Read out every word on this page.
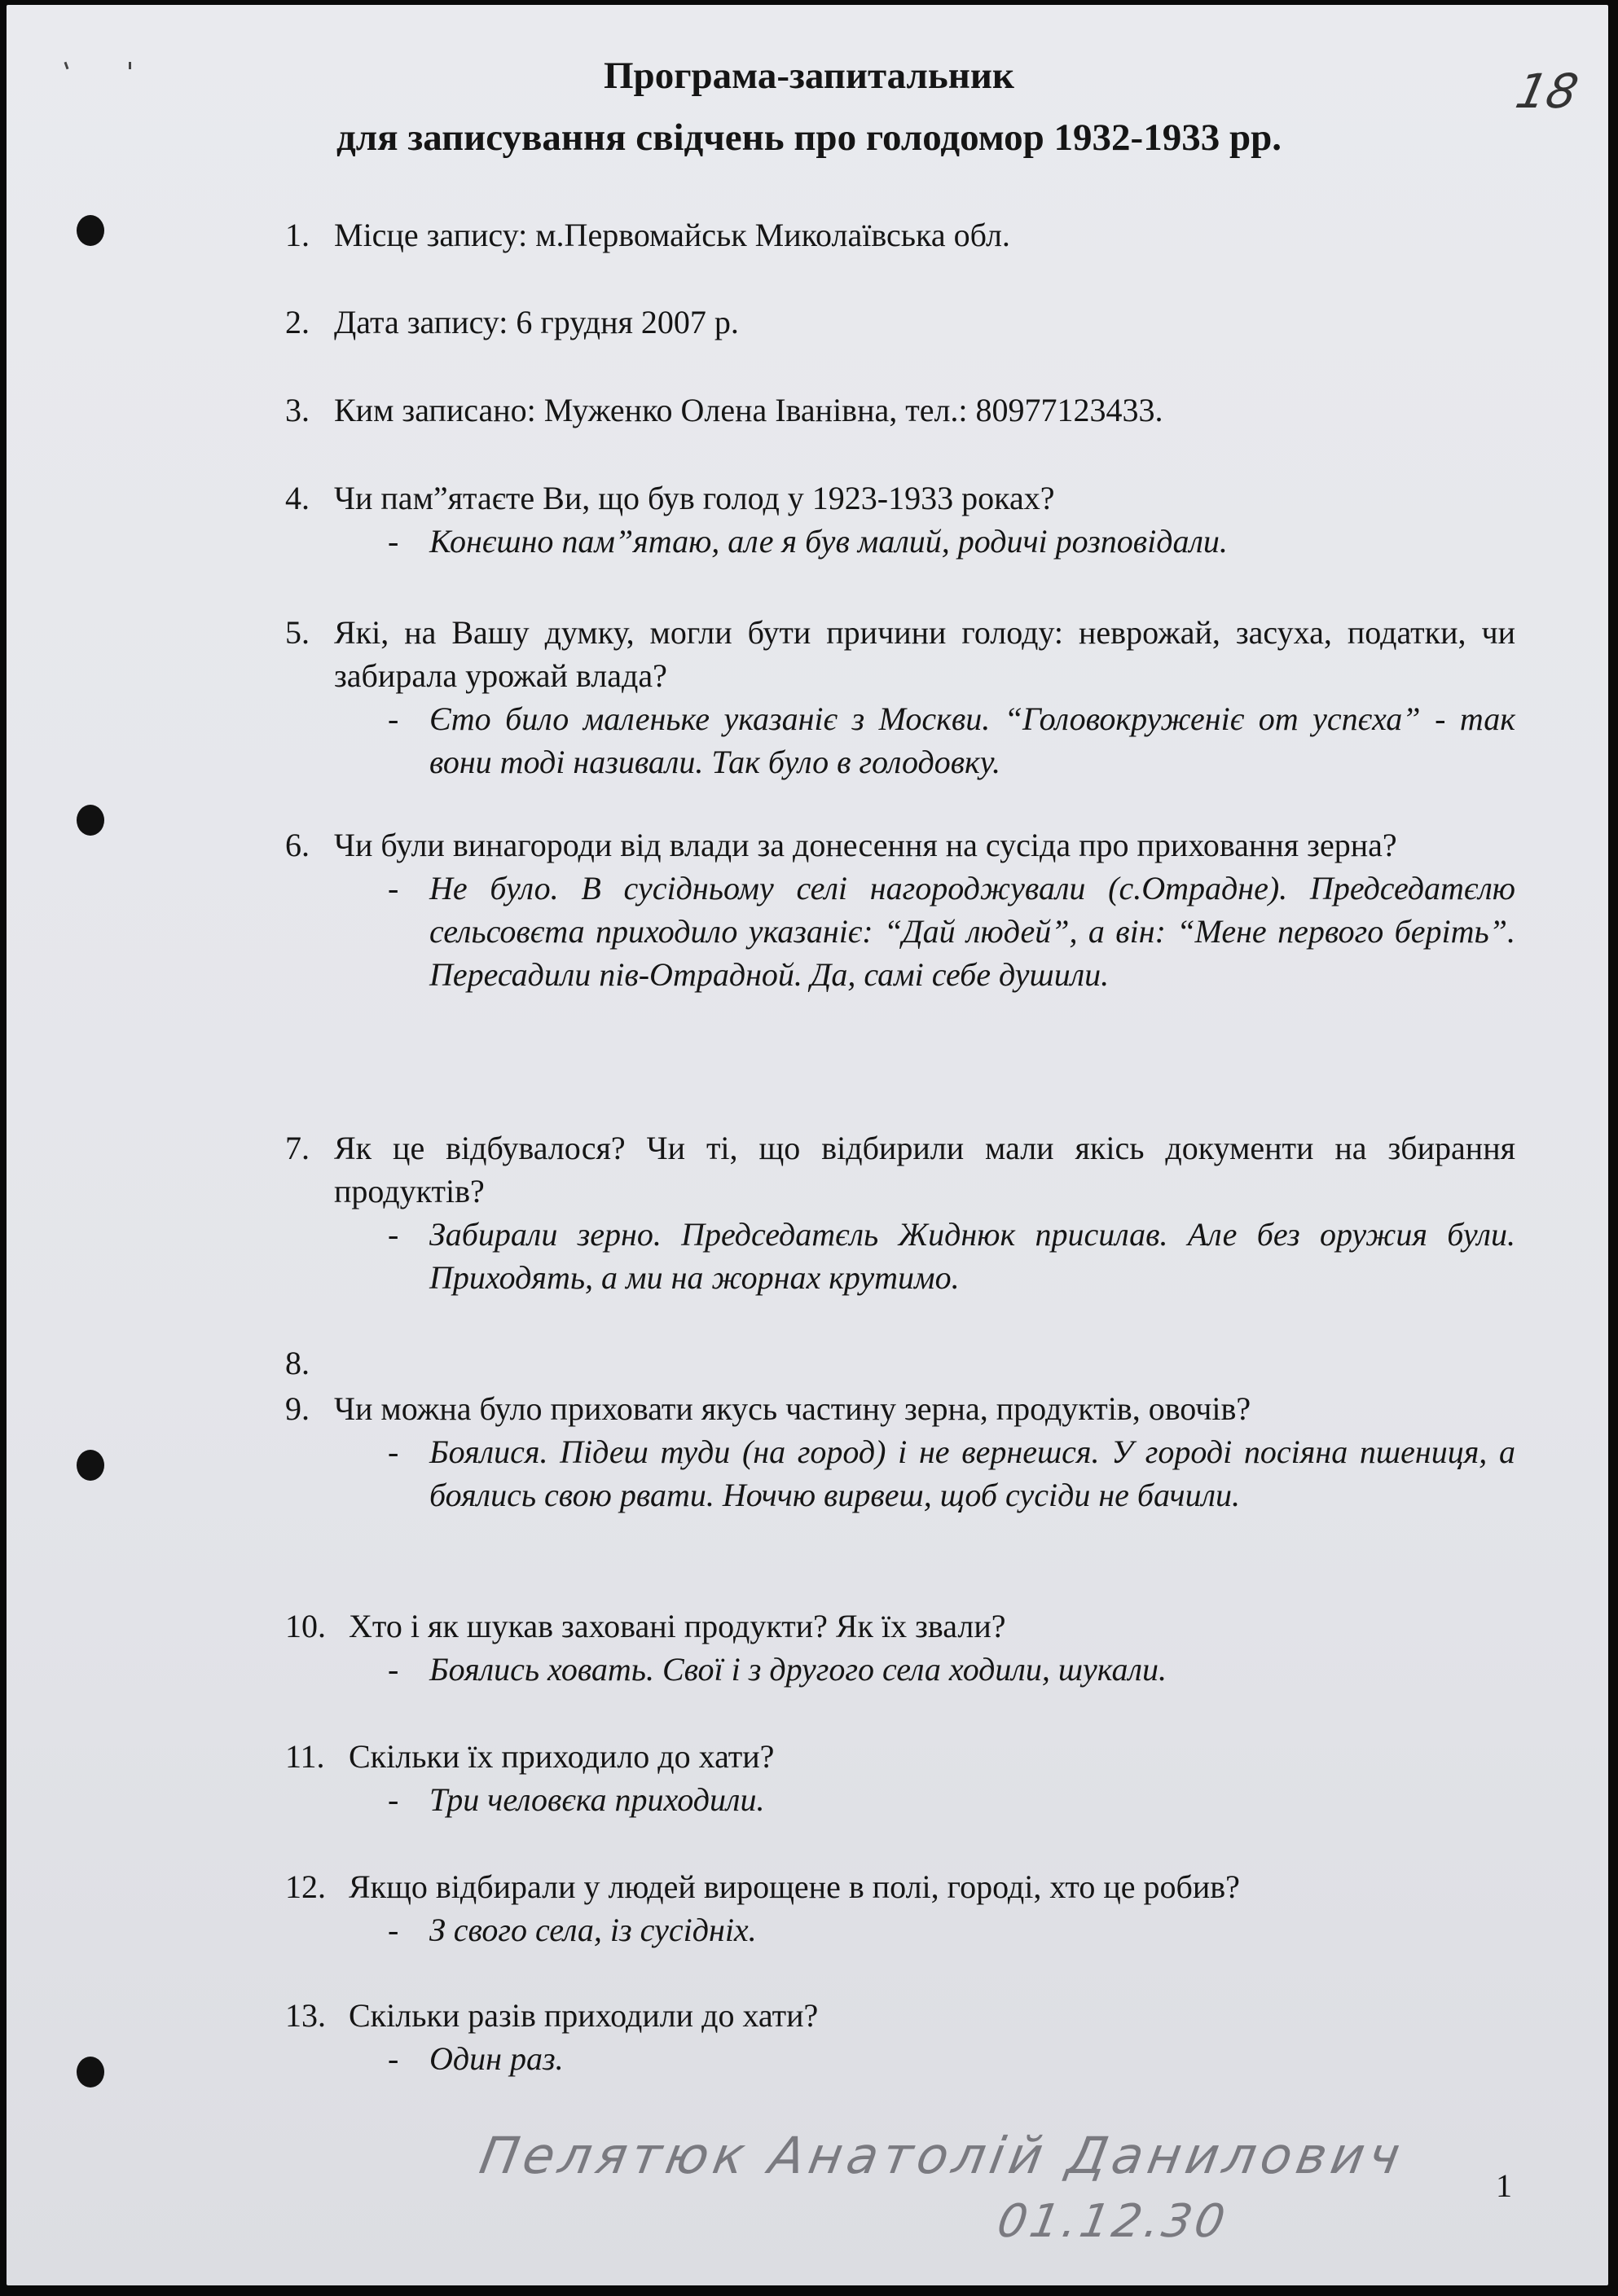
Програма-запитальник
для записування свідчень про голодомор 1932-1933 рр.
18
1. Місце запису: м.Первомайськ Миколаївська обл.
2. Дата запису: 6 грудня 2007 р.
3. Ким записано: Муженко Олена Іванівна, тел.: 80977123433.
4. Чи пам”ятаєте Ви, що був голод у 1923-1933 роках?
- Конєшно пам”ятаю, але я був малий, родичі розповідали.
5. Які, на Вашу думку, могли бути причини голоду: неврожай, засуха, податки, чи забирала урожай влада?
- Єто било маленьке указаніє з Москви. “Головокруженіє от успєха” - так вони тоді називали. Так було в голодовку.
6. Чи були винагороди від влади за донесення на сусіда про приховання зерна?
- Не було. В сусідньому селі нагороджували (с.Отрадне). Председатєлю сельсовєта приходило указаніє: “Дай людей”, а він: “Мене первого беріть”. Пересадили пів-Отрадной. Да, самі себе душили.
7. Як це відбувалося? Чи ті, що відбирили мали якісь документи на збирання продуктів?
- Забирали зерно. Председатєль Жиднюк присилав. Але без оружия були. Приходять, а ми на жорнах крутимо.
8.
9. Чи можна було приховати якусь частину зерна, продуктів, овочів?
- Боялися. Підеш туди (на город) і не вернешся. У городі посіяна пшениця, а боялись свою рвати. Ноччю вирвеш, щоб сусіди не бачили.
10. Хто і як шукав заховані продукти? Як їх звали?
- Боялись ховать. Свої і з другого села ходили, шукали.
11. Скільки їх приходило до хати?
- Три человєка приходили.
12. Якщо відбирали у людей вирощене в полі, городі, хто це робив?
- З свого села, із сусідніх.
13. Скільки разів приходили до хати?
- Один раз.
Пелятюк Анатолій Данилович
01.12.30
1
